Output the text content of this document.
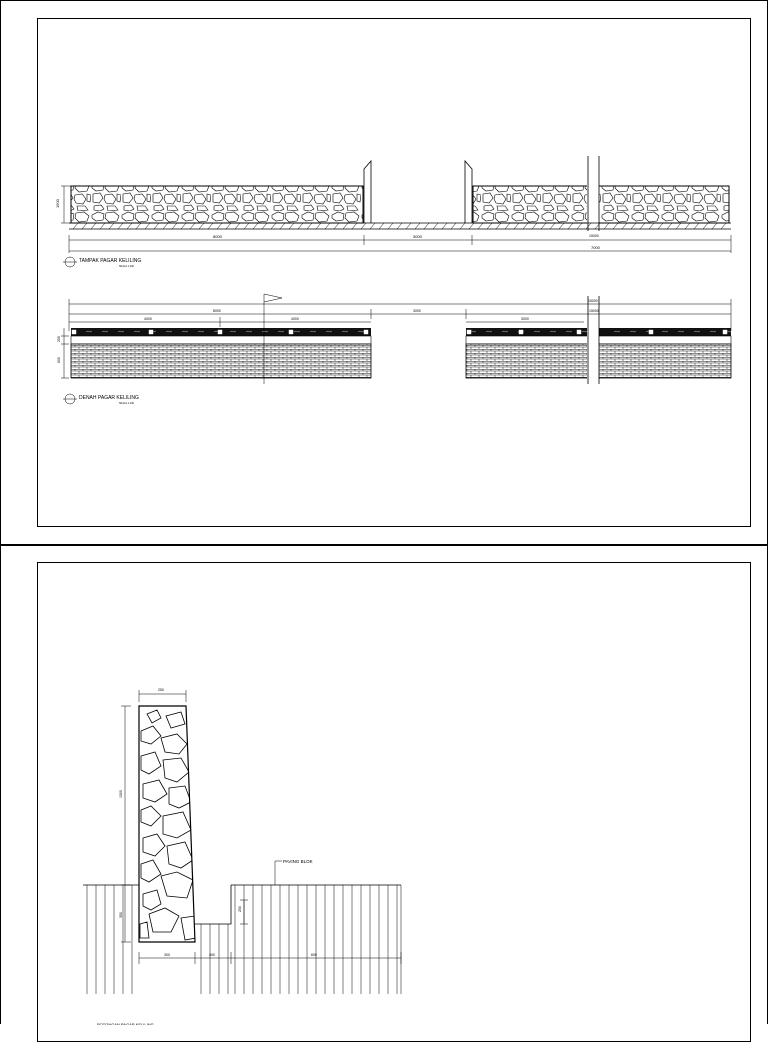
1500
8000	3000
7000
15000
TAMPAK PAGAR KELILING
SKALA 1:100
15000
8000	3000	15000
4000	4000	3000
250
600
DENAH PAGAR KELILING
SKALA 1:100
250
1500
350
250
300	300	600
PAVING BLOK
POTONGAN PAGAR KELILING
